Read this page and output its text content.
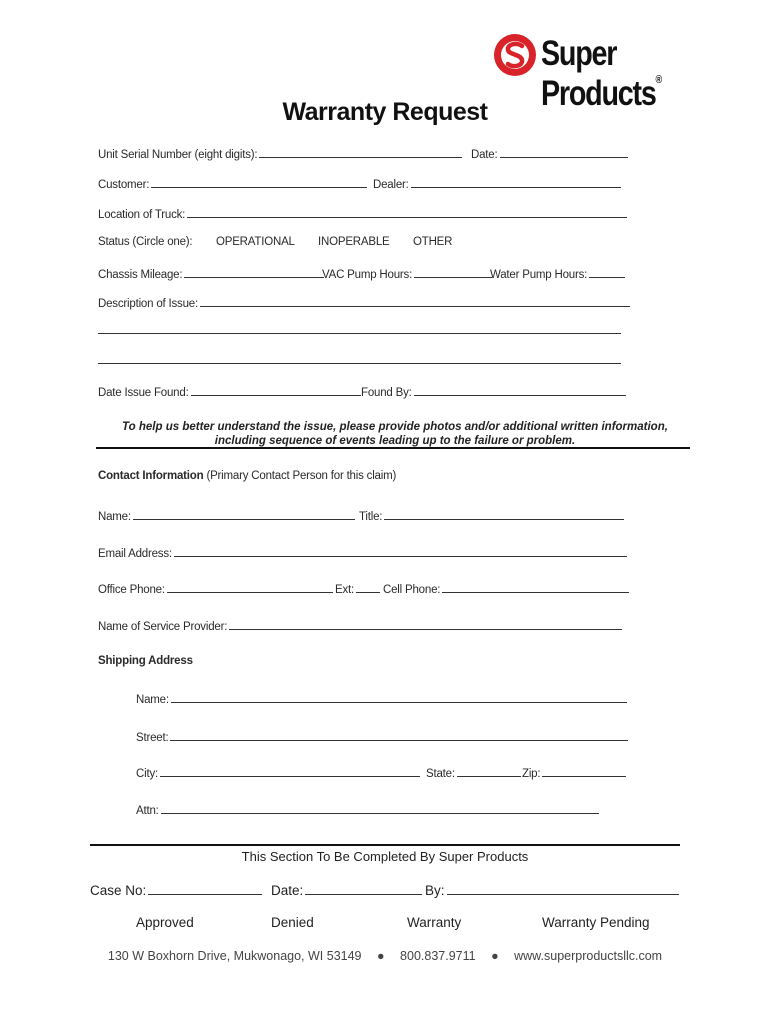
Super Products®
Warranty Request
Unit Serial Number (eight digits):	Date:
Customer:	Dealer:
Location of Truck:
Status (Circle one): OPERATIONAL INOPERABLE OTHER
Chassis Mileage:	VAC Pump Hours:	Water Pump Hours:
Description of Issue:
Date Issue Found:	Found By:
To help us better understand the issue, please provide photos and/or additional written information, including sequence of events leading up to the failure or problem.
Contact Information (Primary Contact Person for this claim)
Name:	Title:
Email Address:
Office Phone:	Ext:	Cell Phone:
Name of Service Provider:
Shipping Address
Name:
Street:
City:	State:	Zip:
Attn:
This Section To Be Completed By Super Products
Case No:	Date:	By:
Approved	Denied	Warranty	Warranty Pending
130 W Boxhorn Drive, Mukwonago, WI 53149 ● 800.837.9711 ● www.superproductsllc.com
